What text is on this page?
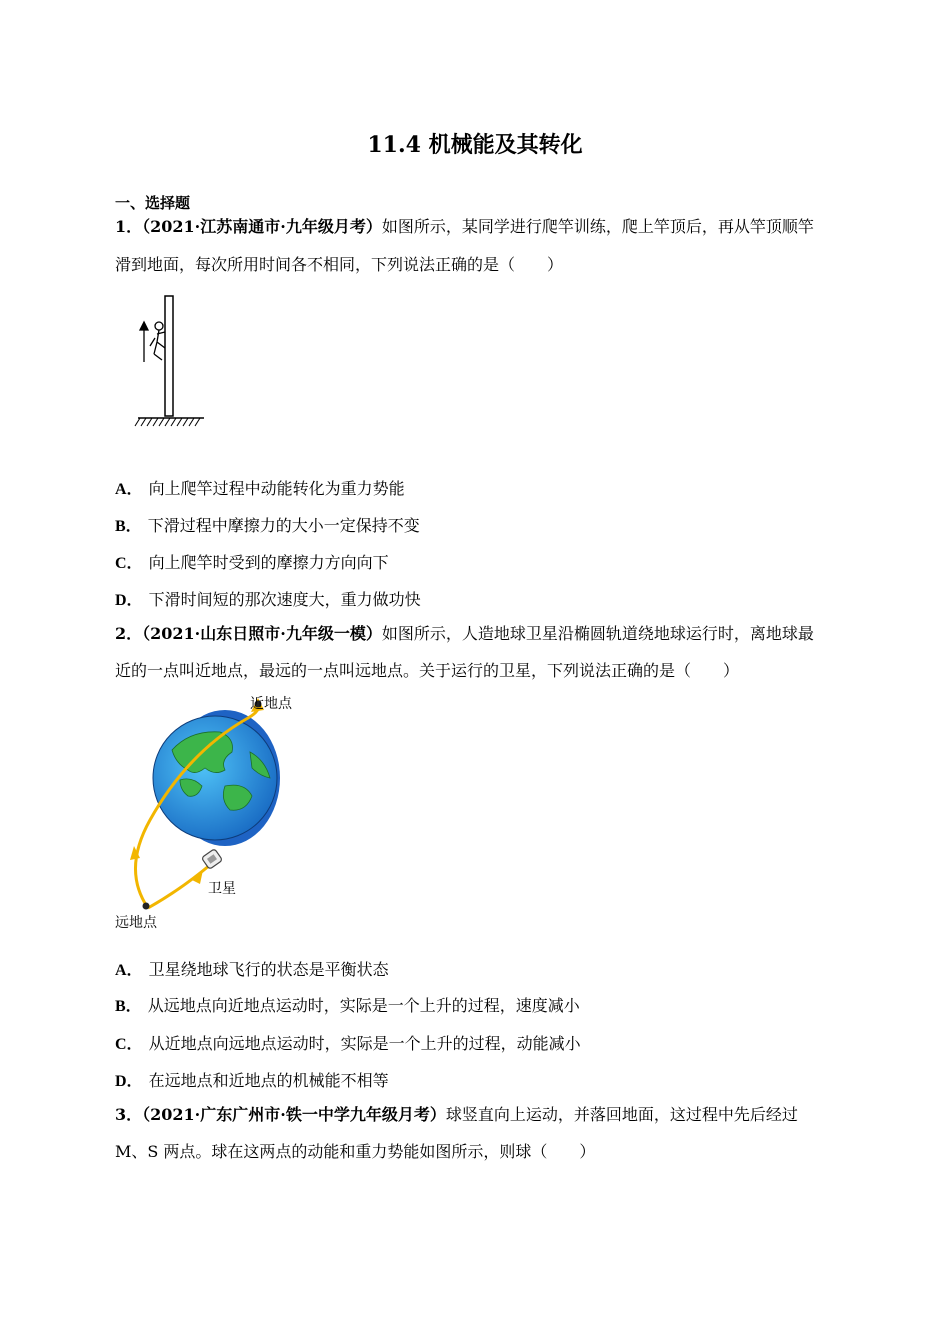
11.4 机械能及其转化
一、选择题
1．（2021·江苏南通市·九年级月考）如图所示，某同学进行爬竿训练，爬上竿顶后，再从竿顶顺竿
滑到地面，每次所用时间各不相同，下列说法正确的是（　　）
A． 向上爬竿过程中动能转化为重力势能
B． 下滑过程中摩擦力的大小一定保持不变
C． 向上爬竿时受到的摩擦力方向向下
D． 下滑时间短的那次速度大，重力做功快
2．（2021·山东日照市·九年级一模）如图所示，人造地球卫星沿椭圆轨道绕地球运行时，离地球最
近的一点叫近地点，最远的一点叫远地点。关于运行的卫星，下列说法正确的是（　　）
近地点
卫星
远地点
A． 卫星绕地球飞行的状态是平衡状态
B． 从远地点向近地点运动时，实际是一个上升的过程，速度减小
C． 从近地点向远地点运动时，实际是一个上升的过程，动能减小
D． 在远地点和近地点的机械能不相等
3．（2021·广东广州市·铁一中学九年级月考）球竖直向上运动，并落回地面，这过程中先后经过
M、S 两点。球在这两点的动能和重力势能如图所示，则球（　　）
